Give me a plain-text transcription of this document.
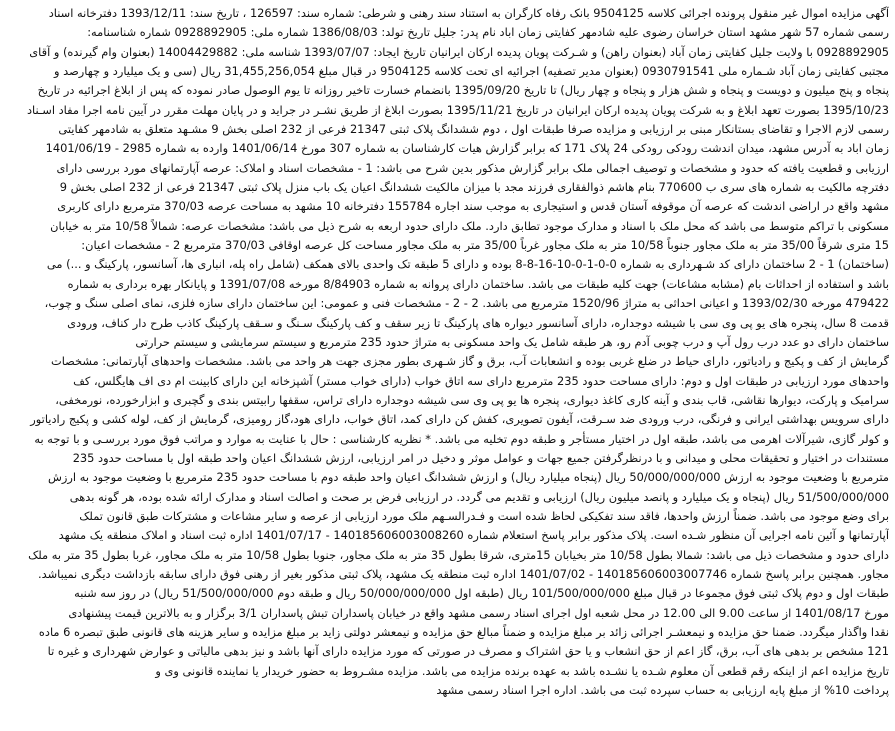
آگهی مزایده اموال غیر منقول پرونده اجرائی کلاسه 9504125 بانک رفاه کارگران به استناد سند رهنی و شرطی: شماره سند: 126597 ، تاریخ سند: 1393/12/11 دفترخانه اسناد
رسمی شماره 57 شهر مشهد استان خراسان رضوی علیه شادمهر کفایتی زمان اباد نام پدر: جلیل تاریخ تولد: 1386/08/03 شماره ملی: 0928892905 شماره شناسنامه:
0928892905 با ولایت جلیل کفایتی زمان آباد (بعنوان راهن) و شـرکت پویان پدیده ارکان ایرانیان تاریخ ایجاد: 1393/07/07 شناسه ملی: 14004429882 (بعنوان وام گیرنده) و آقای
مجتبی کفایتی زمان آباد شـماره ملی 0930791541 (بعنوان مدیر تصفیه) اجرائیه ای تحت کلاسه 9504125 در قبال مبلغ 31,455,256,054 ریال (سی و یک میلیارد و چهارصد و
پنجاه و پنج میلیون و دویست و پنجاه و شش هزار و پنجاه و چهار ریال) تا تاریخ 1395/09/20 بانضمام خسارت تاخیر روزانه تا یوم الوصول صادر نموده که پس از ابلاغ اجرائیه در تاریخ
1395/10/23 بصورت تعهد ابلاغ و به شرکت پویان پدیده ارکان ایرانیان در تاریخ 1395/11/21 بصورت ابلاغ از طریق نشـر در جراید و در پایان مهلت مقرر در آیین نامه اجرا مفاد اسـناد
رسمی لازم الاجرا و تقاضای بستانکار مبنی بر ارزیابی و مزایده صرفا طبقات اول ، دوم ششدانگ پلاک ثبتی 21347 فرعی از 232 اصلی بخش 9 مشـهد متعلق به شادمهر کفایتی
زمان اباد به آدرس مشهد، میدان اندشت رودکی رودکی 24 پلاک 171 که برابر گزارش هیات کارشناسان به شماره 307 مورخ 1401/06/14 وارده به شماره 2985 - 1401/06/19
ارزیابی و قطعیت یافته که حدود و مشخصات و توصیف اجمالی ملک برابر گزارش مذکور بدین شرح می باشد: 1 - مشخصات اسناد و املاک: عرصه آپارتمانهای مورد بررسی دارای
دفترچه مالکیت به شماره های سری ب 770600 بنام هاشم ذوالفقاری فرزند مجد با میزان مالکیت ششدانگ اعیان یک باب منزل پلاک ثبتی 21347 فرعی از 232 اصلی بخش 9
مشهد واقع در اراضی اندشت که عرصه آن موقوفه آستان قدس و استیجاری به موجب سند اجاره 155784 دفترخانه 10 مشهد به مساحت عرصه 370/03 مترمربع دارای کاربری
مسکونی با تراکم متوسط می باشد که محل ملک با اسناد و مدارک موجود تطابق دارد. ملک دارای حدود اربعه به شرح ذیل می باشد: مشخصات عرصه: شمالاً 10/58 متر به خیابان
15 متری شرقاً 35/00 متر به ملک مجاور جنوباً 10/58 متر به ملک مجاور غرباً 35/00 متر به ملک مجاور مساحت کل عرصه اوقافی 370/03 مترمربع 2 - مشخصات اعیان:
(ساختمان) 1 - 2 ساختمان دارای کد شـهرداری به شماره 0-0-1-0-10-16-8-8 بوده و دارای 5 طبقه تک واحدی بالای همکف (شامل راه پله، انباری ها، آسانسور، پارکینگ و ...) می
باشد و استفاده از احداثات بام (مشابه مشاعات) جهت کلیه طبقات می باشد. ساختمان دارای پروانه به شماره 8/84903 مورخه 1391/07/08 و پایانکار بهره برداری به شماره
479422 مورخه 1393/02/30 و اعیانی احداثی به متراژ 1520/96 مترمربع می باشد. 2 - 2 - مشخصات فنی و عمومی: این ساختمان دارای سازه فلزی، نمای اصلی سنگ و چوب،
قدمت 8 سال، پنجره های یو پی وی سی با شیشه دوجداره، دارای آسانسور دیواره های پارکینگ تا زیر سقف و کف پارکینگ سـنگ و سـقف پارکینگ کاذب طرح دار کناف، ورودی
ساختمان دارای دو عدد درب رول آپ و درب چوبی آدم رو، هر طبقه شامل یک واحد مسکونی به متراژ حدود 235 مترمربع و سیستم سرمایشی و سیستم حرارتی
گرمایش از کف و پکیج و رادیاتور، دارای حیاط در ضلع غربی بوده و انشعابات آب، برق و گاز شـهری بطور مجزی جهت هر واحد می باشد. مشخصات واحدهای آپارتمانی: مشخصات
واحدهای مورد ارزیابی در طبقات اول و دوم: دارای مساحت حدود 235 مترمربع دارای سه اتاق خواب (دارای خواب مستر) آشپزخانه این دارای کابینت ام دی اف هایگلس، کف
سرامیک و پارکت، دیوارها نقاشی، قاب بندی و آینه کاری کاغذ دیواری، پنجره ها یو پی وی سی شیشه دوجداره دارای تراس، سقفها رابیتس بندی و گچبری و ابزارخورده، نورمخفی،
دارای سرویس بهداشتی ایرانی و فرنگی، درب ورودی ضد سـرقت، آیفون تصویری، کفش کن دارای کمد، اتاق خواب، دارای هود،گاز رومیزی، گرمایش از کف، لوله کشی و پکیج رادیاتور
و کولر گازی، شیرآلات اهرمی می باشد، طبقه اول در اختیار مستأجر و طبقه دوم تخلیه می باشد. * نظریه کارشناسی : حال با عنایت به موارد و مراتب فوق مورد بررسـی و با توجه به
مستندات در اختیار و تحقیقات محلی و میدانی و با درنظرگرفتن جمیع جهات و عوامل موثر و دخیل در امر ارزیابی، ارزش ششدانگ اعیان واحد طبقه اول با مساحت حدود 235
مترمربع با وضعیت موجود به ارزش 50/000/000/000 ریال (پنجاه میلیارد ریال) و ارزش ششدانگ اعیان واحد طبقه دوم با مساحت حدود 235 مترمربع با وضعیت موجود به ارزش
51/500/000/000 ریال (پنجاه و یک میلیارد و پانصد میلیون ریال) ارزیابی و تقدیم می گردد. در ارزیابی فرض بر صحت و اصالت اسناد و مدارک ارائه شده بوده، هر گونه بدهی
برای وضع موجود می باشد. ضمناً ارزش واحدها، فاقد سند تفکیکی لحاظ شده است و فـدرالسـهم ملک مورد ارزیابی از عرصه و سایر مشاعات و مشترکات طبق قانون تملک
آپارتمانها و آئین نامه اجرایی آن منظور شـده است. پلاک مذکور برابر پاسخ استعلام شماره 140185606003008260 - 1401/07/17 اداره ثبت اسناد و املاک منطقه یک مشهد
دارای حدود و مشخصات ذیل می باشد: شمالا بطول 10/58 متر بخیابان 15متری، شرقا بطول 35 متر به ملک مجاور، جنوبا بطول 10/58 متر به ملک مجاور، غربا بطول 35 متر به ملک
مجاور. همچنین برابر پاسخ شماره 140185606003007746 - 1401/07/02 اداره ثبت منطقه یک مشهد، پلاک ثبتی مذکور بغیر از رهنی فوق دارای سابقه بازداشت دیگری نمیباشد.
طبقات اول و دوم پلاک ثبتی فوق مجموعا در قبال مبلغ 101/500/000/000 ریال (طبقه اول 50/000/000/000 ریال و طبقه دوم 51/500/000/000 ریال) در روز سه شنبه
مورخ 1401/08/17 از ساعت 9.00 الی 12.00 در محل شعبه اول اجرای اسناد رسمی مشهد واقع در خیابان پاسداران تبش پاسداران 3/1 برگزار و به بالاترین قیمت پیشنهادی
نقدا واگذار میگردد. ضمنا حق مزایده و نیمعشـر اجرائی زائد بر مبلغ مزایده و ضمناً مبالغ حق مزایده و نیمعشر دولتی زاید بر مبلغ مزایده و سایر هزینه های قانونی طبق تبصره 6 ماده
121 مشخص بر بدهی های آب، برق، گاز اعم از حق انشعاب و یا حق اشتراک و مصرف در صورتی که مورد مزایده دارای آنها باشد و نیز بدهی مالیاتی و عوارض شهرداری و غیره تا
تاریخ مزایده اعم از اینکه رقم قطعی آن معلوم شـده یا نشـده باشد به عهده برنده مزایده می باشد. مزایده مشـروط به حضور خریدار یا نماینده قانونی وی و
پرداخت 10% از مبلغ پایه ارزیابی به حساب سپرده ثبت می باشد. اداره اجرا اسناد رسمی مشهد
